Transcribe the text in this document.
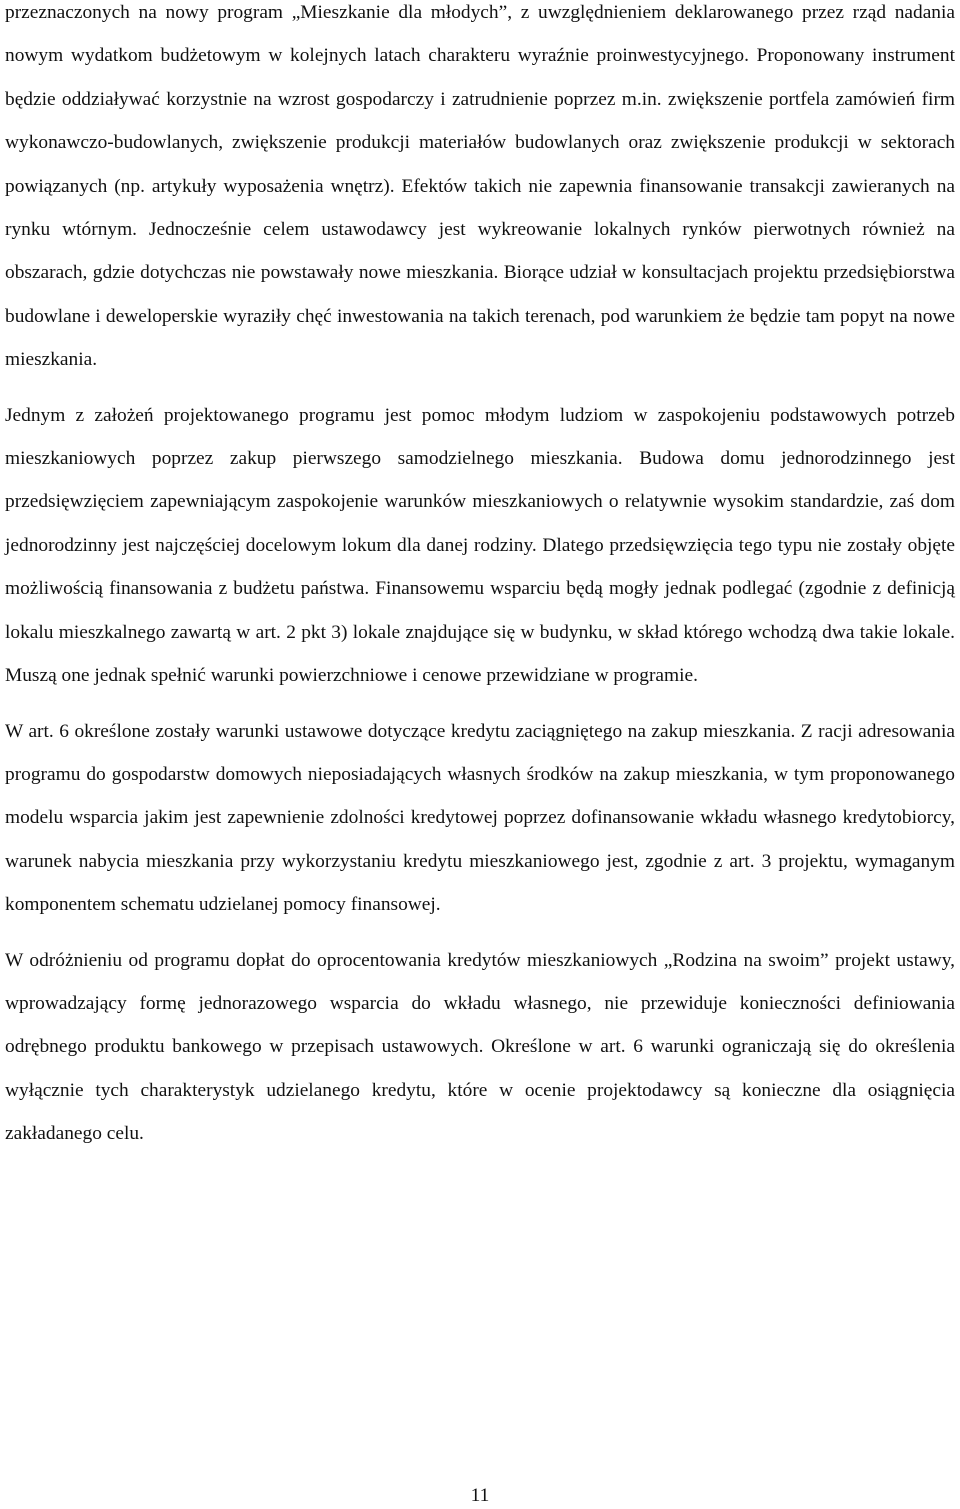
przeznaczonych na nowy program „Mieszkanie dla młodych”, z uwzględnieniem deklarowanego przez rząd nadania nowym wydatkom budżetowym w kolejnych latach charakteru wyraźnie proinwestycyjnego. Proponowany instrument będzie oddziaływać korzystnie na wzrost gospodarczy i zatrudnienie poprzez m.in. zwiększenie portfela zamówień firm wykonawczo-budowlanych, zwiększenie produkcji materiałów budowlanych oraz zwiększenie produkcji w sektorach powiązanych (np. artykuły wyposażenia wnętrz). Efektów takich nie zapewnia finansowanie transakcji zawieranych na rynku wtórnym. Jednocześnie celem ustawodawcy jest wykreowanie lokalnych rynków pierwotnych również na obszarach, gdzie dotychczas nie powstawały nowe mieszkania. Biorące udział w konsultacjach projektu przedsiębiorstwa budowlane i deweloperskie wyraziły chęć inwestowania na takich terenach, pod warunkiem że będzie tam popyt na nowe mieszkania.

Jednym z założeń projektowanego programu jest pomoc młodym ludziom w zaspokojeniu podstawowych potrzeb mieszkaniowych poprzez zakup pierwszego samodzielnego mieszkania. Budowa domu jednorodzinnego jest przedsięwzięciem zapewniającym zaspokojenie warunków mieszkaniowych o relatywnie wysokim standardzie, zaś dom jednorodzinny jest najczęściej docelowym lokum dla danej rodziny. Dlatego przedsięwzięcia tego typu nie zostały objęte możliwością finansowania z budżetu państwa. Finansowemu wsparciu będą mogły jednak podlegać (zgodnie z definicją lokalu mieszkalnego zawartą w art. 2 pkt 3) lokale znajdujące się w budynku, w skład którego wchodzą dwa takie lokale. Muszą one jednak spełnić warunki powierzchniowe i cenowe przewidziane w programie.

W art. 6 określone zostały warunki ustawowe dotyczące kredytu zaciągniętego na zakup mieszkania. Z racji adresowania programu do gospodarstw domowych nieposiadających własnych środków na zakup mieszkania, w tym proponowanego modelu wsparcia jakim jest zapewnienie zdolności kredytowej poprzez dofinansowanie wkładu własnego kredytobiorcy, warunek nabycia mieszkania przy wykorzystaniu kredytu mieszkaniowego jest, zgodnie z art. 3 projektu, wymaganym komponentem schematu udzielanej pomocy finansowej.

W odróżnieniu od programu dopłat do oprocentowania kredytów mieszkaniowych „Rodzina na swoim” projekt ustawy, wprowadzający formę jednorazowego wsparcia do wkładu własnego, nie przewiduje konieczności definiowania odrębnego produktu bankowego w przepisach ustawowych. Określone w art. 6 warunki ograniczają się do określenia wyłącznie tych charakterystyk udzielanego kredytu, które w ocenie projektodawcy są konieczne dla osiągnięcia zakładanego celu.

11
